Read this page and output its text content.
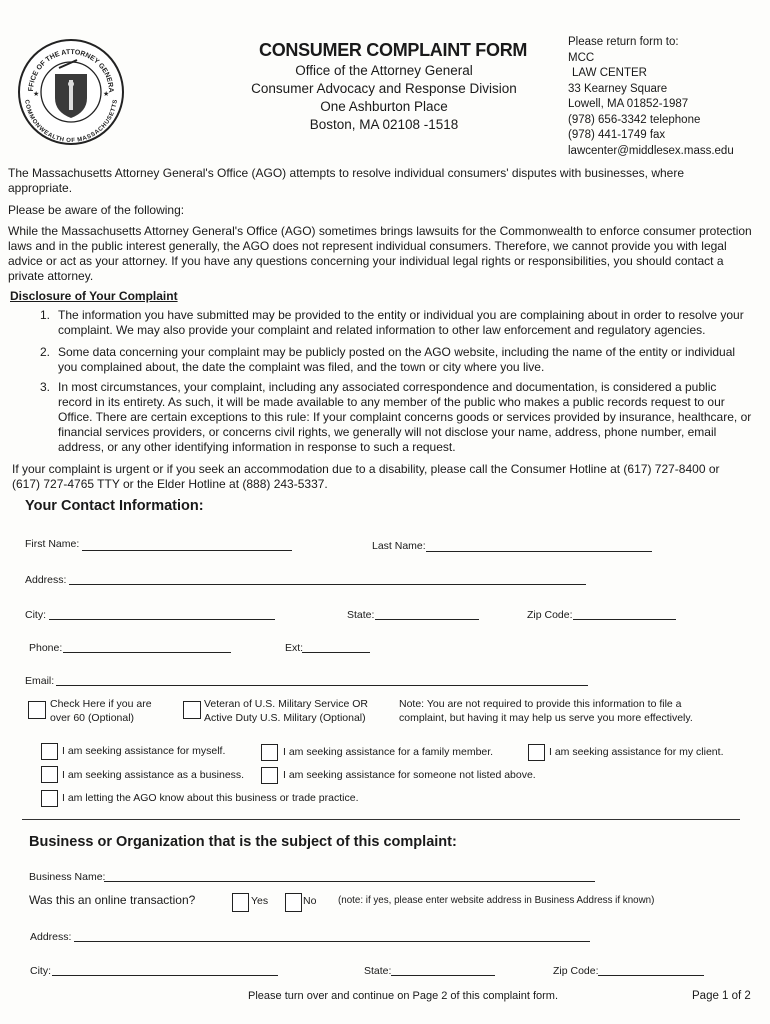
FFICE OF THE ATTORNEY GENERA
COMMONWEALTH OF MASSACHUSETTS
★	★
CONSUMER COMPLAINT FORM
Office of the Attorney General
Consumer Advocacy and Response Division
One Ashburton Place
Boston, MA 02108 -1518
Please return form to:
MCC
LAW CENTER
33 Kearney Square
Lowell, MA 01852-1987
(978) 656-3342 telephone
(978) 441-1749 fax
lawcenter@middlesex.mass.edu
The Massachusetts Attorney General's Office (AGO) attempts to resolve individual consumers' disputes with businesses, where appropriate.
Please be aware of the following:
While the Massachusetts Attorney General's Office (AGO) sometimes brings lawsuits for the Commonwealth to enforce consumer protection laws and in the public interest generally, the AGO does not represent individual consumers. Therefore, we cannot provide you with legal advice or act as your attorney. If you have any questions concerning your individual legal rights or responsibilities, you should contact a private attorney.
Disclosure of Your Complaint
1. The information you have submitted may be provided to the entity or individual you are complaining about in order to resolve your complaint. We may also provide your complaint and related information to other law enforcement and regulatory agencies.
2. Some data concerning your complaint may be publicly posted on the AGO website, including the name of the entity or individual you complained about, the date the complaint was filed, and the town or city where you live.
3. In most circumstances, your complaint, including any associated correspondence and documentation, is considered a public record in its entirety. As such, it will be made available to any member of the public who makes a public records request to our Office. There are certain exceptions to this rule: If your complaint concerns goods or services provided by insurance, healthcare, or financial services providers, or concerns civil rights, we generally will not disclose your name, address, phone number, email address, or any other identifying information in response to such a request.
If your complaint is urgent or if you seek an accommodation due to a disability, please call the Consumer Hotline at (617) 727-8400 or (617) 727-4765 TTY or the Elder Hotline at (888) 243-5337.
Your Contact Information:
First Name:	Last Name:
Address:
City:	State:	Zip Code:
Phone:	Ext:
Email:
Check Here if you are
over 60 (Optional)
Veteran of U.S. Military Service OR
Active Duty U.S. Military (Optional)
Note: You are not required to provide this information to file a
complaint, but having it may help us serve you more effectively.
I am seeking assistance for myself.	I am seeking assistance for a family member.	I am seeking assistance for my client.
I am seeking assistance as a business.	I am seeking assistance for someone not listed above.
I am letting the AGO know about this business or trade practice.
Business or Organization that is the subject of this complaint:
Business Name:
Was this an online transaction?	Yes	No (note: if yes, please enter website address in Business Address if known)
Address:
City:	State:	Zip Code:
Please turn over and continue on Page 2 of this complaint form.	Page 1 of 2
